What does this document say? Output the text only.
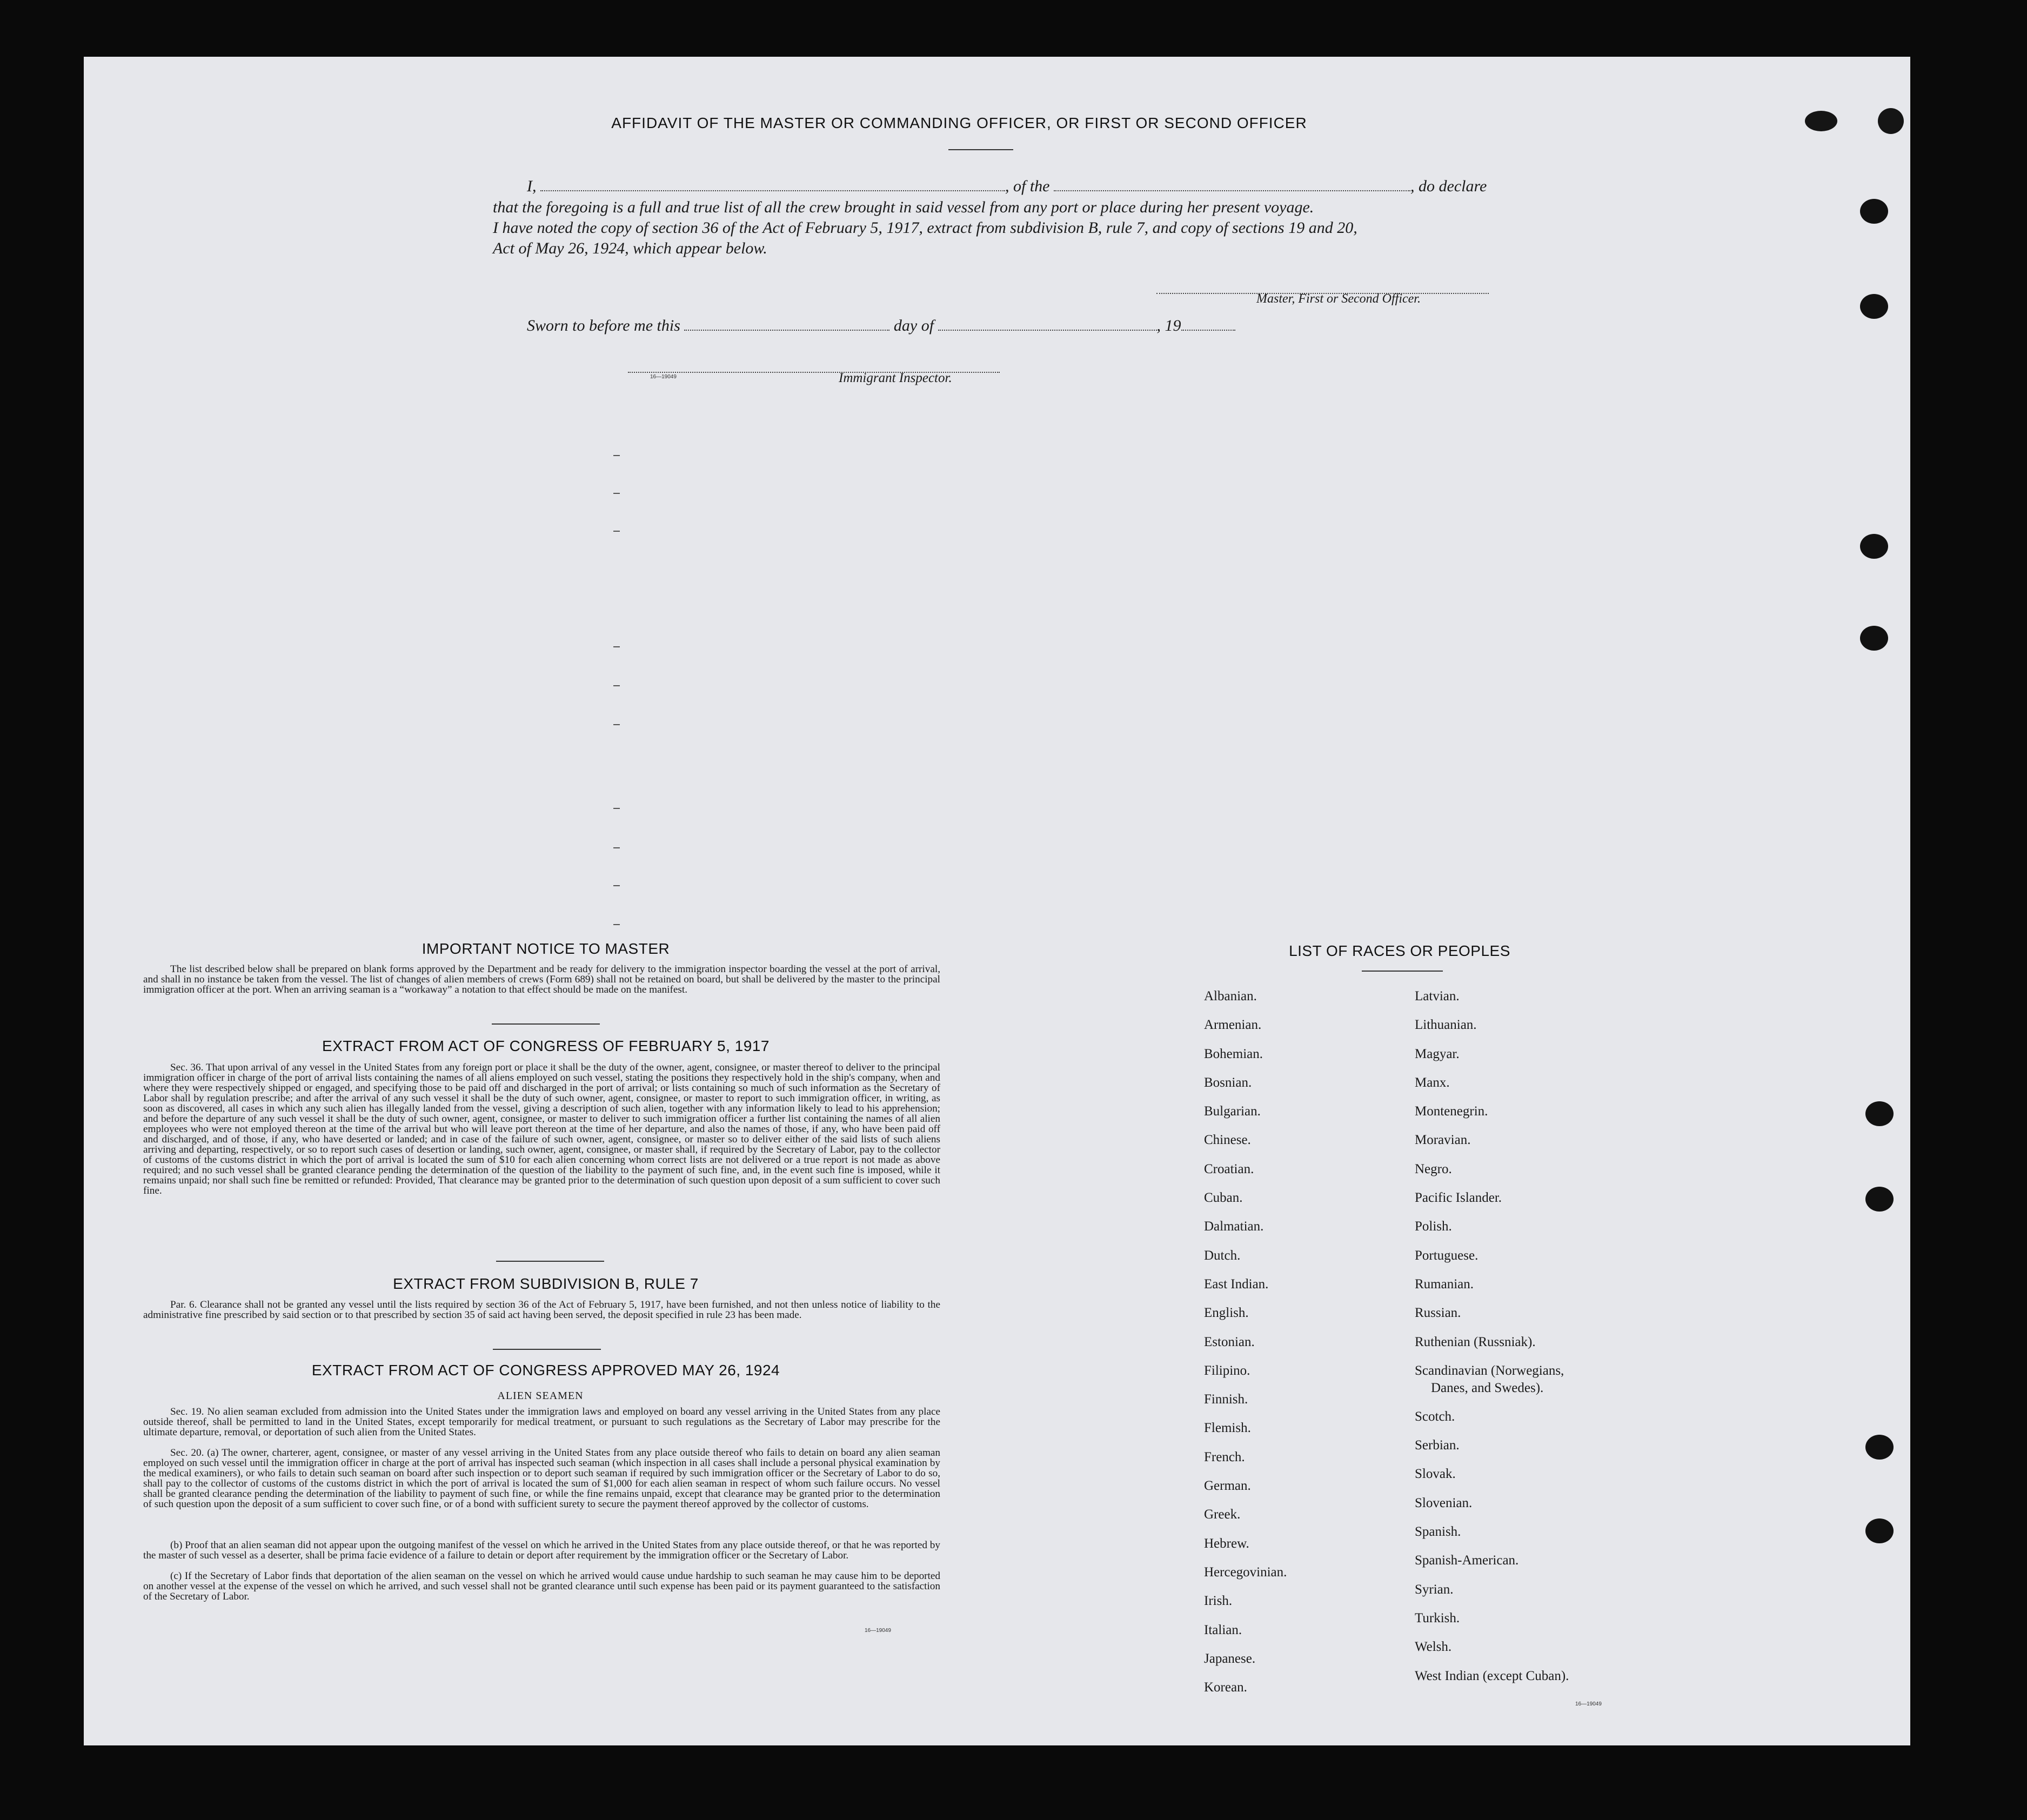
AFFIDAVIT OF THE MASTER OR COMMANDING OFFICER, OR FIRST OR SECOND OFFICER
I,	, of the	, do declare
that the foregoing is a full and true list of all the crew brought in said vessel from any port or place during her present voyage.
I have noted the copy of section 36 of the Act of February 5, 1917, extract from subdivision B, rule 7, and copy of sections 19 and 20,
Act of May 26, 1924, which appear below.
Master, First or Second Officer.
Sworn to before me this	day of	, 19
16—19049	Immigrant Inspector.
IMPORTANT NOTICE TO MASTER
The list described below shall be prepared on blank forms approved by the Department and be ready for delivery to the immigration inspector boarding the vessel at the port of arrival, and shall in no instance be taken from the vessel. The list of changes of alien members of crews (Form 689) shall not be retained on board, but shall be delivered by the master to the principal immigration officer at the port. When an arriving seaman is a “workaway” a notation to that effect should be made on the manifest.
EXTRACT FROM ACT OF CONGRESS OF FEBRUARY 5, 1917
Sec. 36. That upon arrival of any vessel in the United States from any foreign port or place it shall be the duty of the owner, agent, consignee, or master thereof to deliver to the principal immigration officer in charge of the port of arrival lists containing the names of all aliens employed on such vessel, stating the positions they respectively hold in the ship's company, when and where they were respectively shipped or engaged, and specifying those to be paid off and discharged in the port of arrival; or lists containing so much of such information as the Secretary of Labor shall by regulation prescribe; and after the arrival of any such vessel it shall be the duty of such owner, agent, consignee, or master to report to such immigration officer, in writing, as soon as discovered, all cases in which any such alien has illegally landed from the vessel, giving a description of such alien, together with any information likely to lead to his apprehension; and before the departure of any such vessel it shall be the duty of such owner, agent, consignee, or master to deliver to such immigration officer a further list containing the names of all alien employees who were not employed thereon at the time of the arrival but who will leave port thereon at the time of her departure, and also the names of those, if any, who have been paid off and discharged, and of those, if any, who have deserted or landed; and in case of the failure of such owner, agent, consignee, or master so to deliver either of the said lists of such aliens arriving and departing, respectively, or so to report such cases of desertion or landing, such owner, agent, consignee, or master shall, if required by the Secretary of Labor, pay to the collector of customs of the customs district in which the port of arrival is located the sum of $10 for each alien concerning whom correct lists are not delivered or a true report is not made as above required; and no such vessel shall be granted clearance pending the determination of the question of the liability to the payment of such fine, and, in the event such fine is imposed, while it remains unpaid; nor shall such fine be remitted or refunded: Provided, That clearance may be granted prior to the determination of such question upon deposit of a sum sufficient to cover such fine.
EXTRACT FROM SUBDIVISION B, RULE 7
Par. 6. Clearance shall not be granted any vessel until the lists required by section 36 of the Act of February 5, 1917, have been furnished, and not then unless notice of liability to the administrative fine prescribed by said section or to that prescribed by section 35 of said act having been served, the deposit specified in rule 23 has been made.
EXTRACT FROM ACT OF CONGRESS APPROVED MAY 26, 1924
ALIEN SEAMEN
Sec. 19. No alien seaman excluded from admission into the United States under the immigration laws and employed on board any vessel arriving in the United States from any place outside thereof, shall be permitted to land in the United States, except temporarily for medical treatment, or pursuant to such regulations as the Secretary of Labor may prescribe for the ultimate departure, removal, or deportation of such alien from the United States.
Sec. 20. (a) The owner, charterer, agent, consignee, or master of any vessel arriving in the United States from any place outside thereof who fails to detain on board any alien seaman employed on such vessel until the immigration officer in charge at the port of arrival has inspected such seaman (which inspection in all cases shall include a personal physical examination by the medical examiners), or who fails to detain such seaman on board after such inspection or to deport such seaman if required by such immigration officer or the Secretary of Labor to do so, shall pay to the collector of customs of the customs district in which the port of arrival is located the sum of $1,000 for each alien seaman in respect of whom such failure occurs. No vessel shall be granted clearance pending the determination of the liability to payment of such fine, or while the fine remains unpaid, except that clearance may be granted prior to the determination of such question upon the deposit of a sum sufficient to cover such fine, or of a bond with sufficient surety to secure the payment thereof approved by the collector of customs.
(b) Proof that an alien seaman did not appear upon the outgoing manifest of the vessel on which he arrived in the United States from any place outside thereof, or that he was reported by the master of such vessel as a deserter, shall be prima facie evidence of a failure to detain or deport after requirement by the immigration officer or the Secretary of Labor.
(c) If the Secretary of Labor finds that deportation of the alien seaman on the vessel on which he arrived would cause undue hardship to such seaman he may cause him to be deported on another vessel at the expense of the vessel on which he arrived, and such vessel shall not be granted clearance until such expense has been paid or its payment guaranteed to the satisfaction of the Secretary of Labor.
16—19049
LIST OF RACES OR PEOPLES
Albanian.
Armenian.
Bohemian.
Bosnian.
Bulgarian.
Chinese.
Croatian.
Cuban.
Dalmatian.
Dutch.
East Indian.
English.
Estonian.
Filipino.
Finnish.
Flemish.
French.
German.
Greek.
Hebrew.
Hercegovinian.
Irish.
Italian.
Japanese.
Korean.
Latvian.
Lithuanian.
Magyar.
Manx.
Montenegrin.
Moravian.
Negro.
Pacific Islander.
Polish.
Portuguese.
Rumanian.
Russian.
Ruthenian (Russniak).
Scandinavian (Norwegians,
Danes, and Swedes).
Scotch.
Serbian.
Slovak.
Slovenian.
Spanish.
Spanish-American.
Syrian.
Turkish.
Welsh.
West Indian (except Cuban).
16—19049
